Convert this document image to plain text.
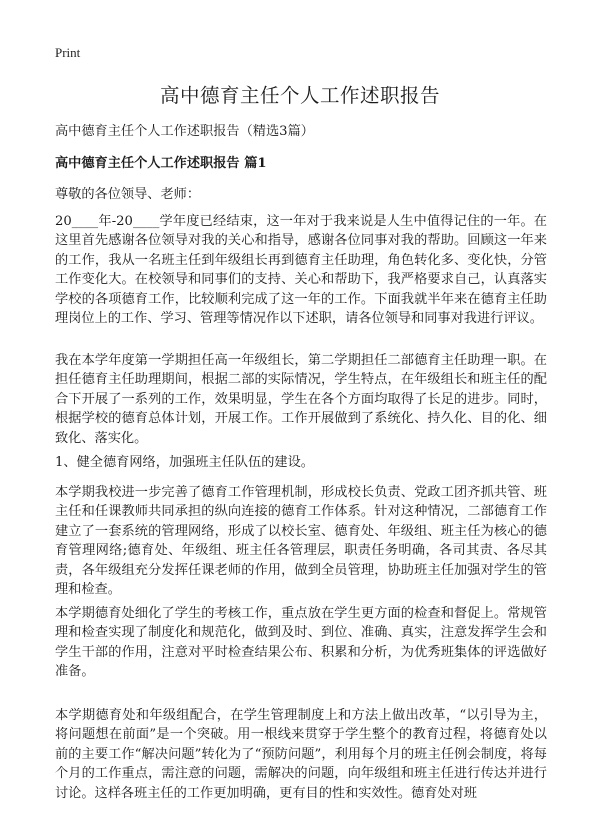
Print
高中德育主任个人工作述职报告

高中德育主任个人工作述职报告（精选3篇）

高中德育主任个人工作述职报告 篇1

尊敬的各位领导、老师：

20____年-20____学年度已经结束，这一年对于我来说是人生中值得记住的一年。在这里首先感谢各位领导对我的关心和指导，感谢各位同事对我的帮助。回顾这一年来的工作，我从一名班主任到年级组长再到德育主任助理，角色转化多、变化快，分管工作变化大。在校领导和同事们的支持、关心和帮助下，我严格要求自己，认真落实学校的各项德育工作，比较顺利完成了这一年的工作。下面我就半年来在德育主任助理岗位上的工作、学习、管理等情况作以下述职，请各位领导和同事对我进行评议。

我在本学年度第一学期担任高一年级组长，第二学期担任二部德育主任助理一职。在担任德育主任助理期间，根据二部的实际情况，学生特点，在年级组长和班主任的配合下开展了一系列的工作，效果明显，学生在各个方面均取得了长足的进步。同时，根据学校的德育总体计划，开展工作。工作开展做到了系统化、持久化、目的化、细致化、落实化。

1、健全德育网络，加强班主任队伍的建设。

本学期我校进一步完善了德育工作管理机制，形成校长负责、党政工团齐抓共管、班主任和任课教师共同承担的纵向连接的德育工作体系。针对这种情况，二部德育工作建立了一套系统的管理网络，形成了以校长室、德育处、年级组、班主任为核心的德育管理网络;德育处、年级组、班主任各管理层，职责任务明确，各司其责、各尽其责，各年级组充分发挥任课老师的作用，做到全员管理，协助班主任加强对学生的管理和检查。

本学期德育处细化了学生的考核工作，重点放在学生更方面的检查和督促上。常规管理和检查实现了制度化和规范化，做到及时、到位、准确、真实，注意发挥学生会和学生干部的作用，注意对平时检查结果公布、积累和分析，为优秀班集体的评选做好准备。

本学期德育处和年级组配合，在学生管理制度上和方法上做出改革，“以引导为主，将问题想在前面”是一个突破。用一根线来贯穿于学生整个的教育过程，将德育处以前的主要工作“解决问题”转化为了“预防问题”，利用每个月的班主任例会制度，将每个月的工作重点，需注意的问题，需解决的问题，向年级组和班主任进行传达并进行讨论。这样各班主任的工作更加明确，更有目的性和实效性。德育处对班
